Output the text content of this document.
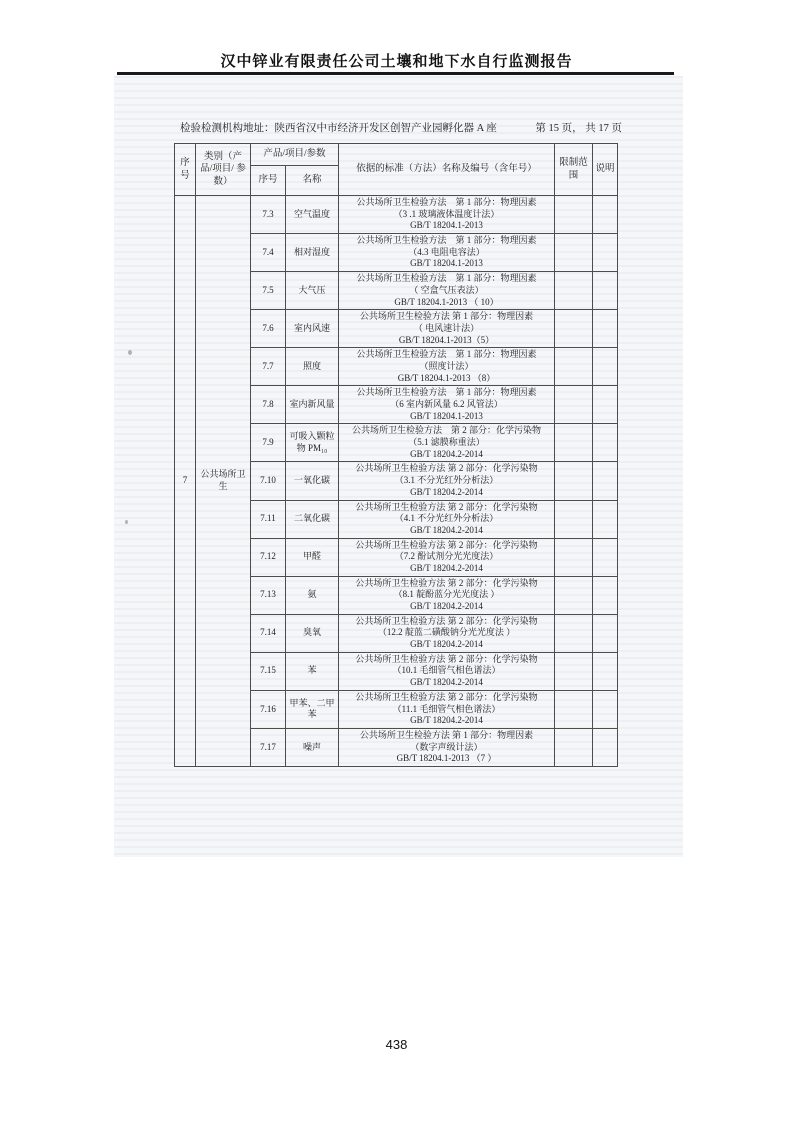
汉中锌业有限责任公司土壤和地下水自行监测报告
检验检测机构地址：陕西省汉中市经济开发区创智产业园孵化器 A 座	第 15 页， 共 17 页
序号	类别（产 品/项目/ 参 数）	产品/项目/参数		依据的标准（方法）名称及编号（含年号）	限制范围	说明
		序号	名称			
7	公共场所卫生	7.3	空气温度	公共场所卫生检验方法　第 1 部分：物理因素
（3 .1 玻璃液体温度计法）
GB/T 18204.1-2013		

		7.4	相对湿度	公共场所卫生检验方法　第 1 部分：物理因素
（4.3 电阻电容法）
GB/T 18204.1-2013		

		7.5	大气压	公共场所卫生检验方法　第 1 部分：物理因素
（ 空盒气压表法）
GB/T 18204.1-2013 （ 10）		

		7.6	室内风速	公共场所卫生检验方法 第 1 部分：物理因素
（ 电风速计法）
GB/T 18204.1-2013（5）		

		7.7	照度	公共场所卫生检验方法　第 1 部分：物理因素
（照度计法）
GB/T 18204.1-2013 （8）		

		7.8	室内新风量	公共场所卫生检验方法　第 1 部分：物理因素
（6 室内新风量 6.2 风管法）
GB/T 18204.1-2013		

		7.9	可吸入颗粒物 PM₁₀	公共场所卫生检验方法　第 2 部分：化学污染物
（5.1 滤膜称重法）
GB/T 18204.2-2014		

		7.10	一氧化碳	公共场所卫生检验方法 第 2 部分：化学污染物
（3.1 不分光红外分析法）
GB/T 18204.2-2014		

		7.11	二氧化碳	公共场所卫生检验方法 第 2 部分：化学污染物
（4.1 不分光红外分析法）
GB/T 18204.2-2014		

		7.12	甲醛	公共场所卫生检验方法 第 2 部分：化学污染物
（7.2 酚试剂分光光度法）
GB/T 18204.2-2014		

		7.13	氨	公共场所卫生检验方法 第 2 部分：化学污染物
（8.1 靛酚蓝分光光度法 ）
GB/T 18204.2-2014		

		7.14	臭氧	公共场所卫生检验方法 第 2 部分：化学污染物
（12.2 靛蓝二磺酸钠分光光度法 ）
GB/T 18204.2-2014		

		7.15	苯	公共场所卫生检验方法 第 2 部分：化学污染物
（10.1 毛细管气相色谱法）
GB/T 18204.2-2014		

		7.16	甲苯、二甲苯	公共场所卫生检验方法 第 2 部分：化学污染物
（11.1 毛细管气相色谱法）
GB/T 18204.2-2014		

		7.17	噪声	公共场所卫生检验方法 第 1 部分：物理因素
（数字声级计法）
GB/T 18204.1-2013 （7 ）		

438
